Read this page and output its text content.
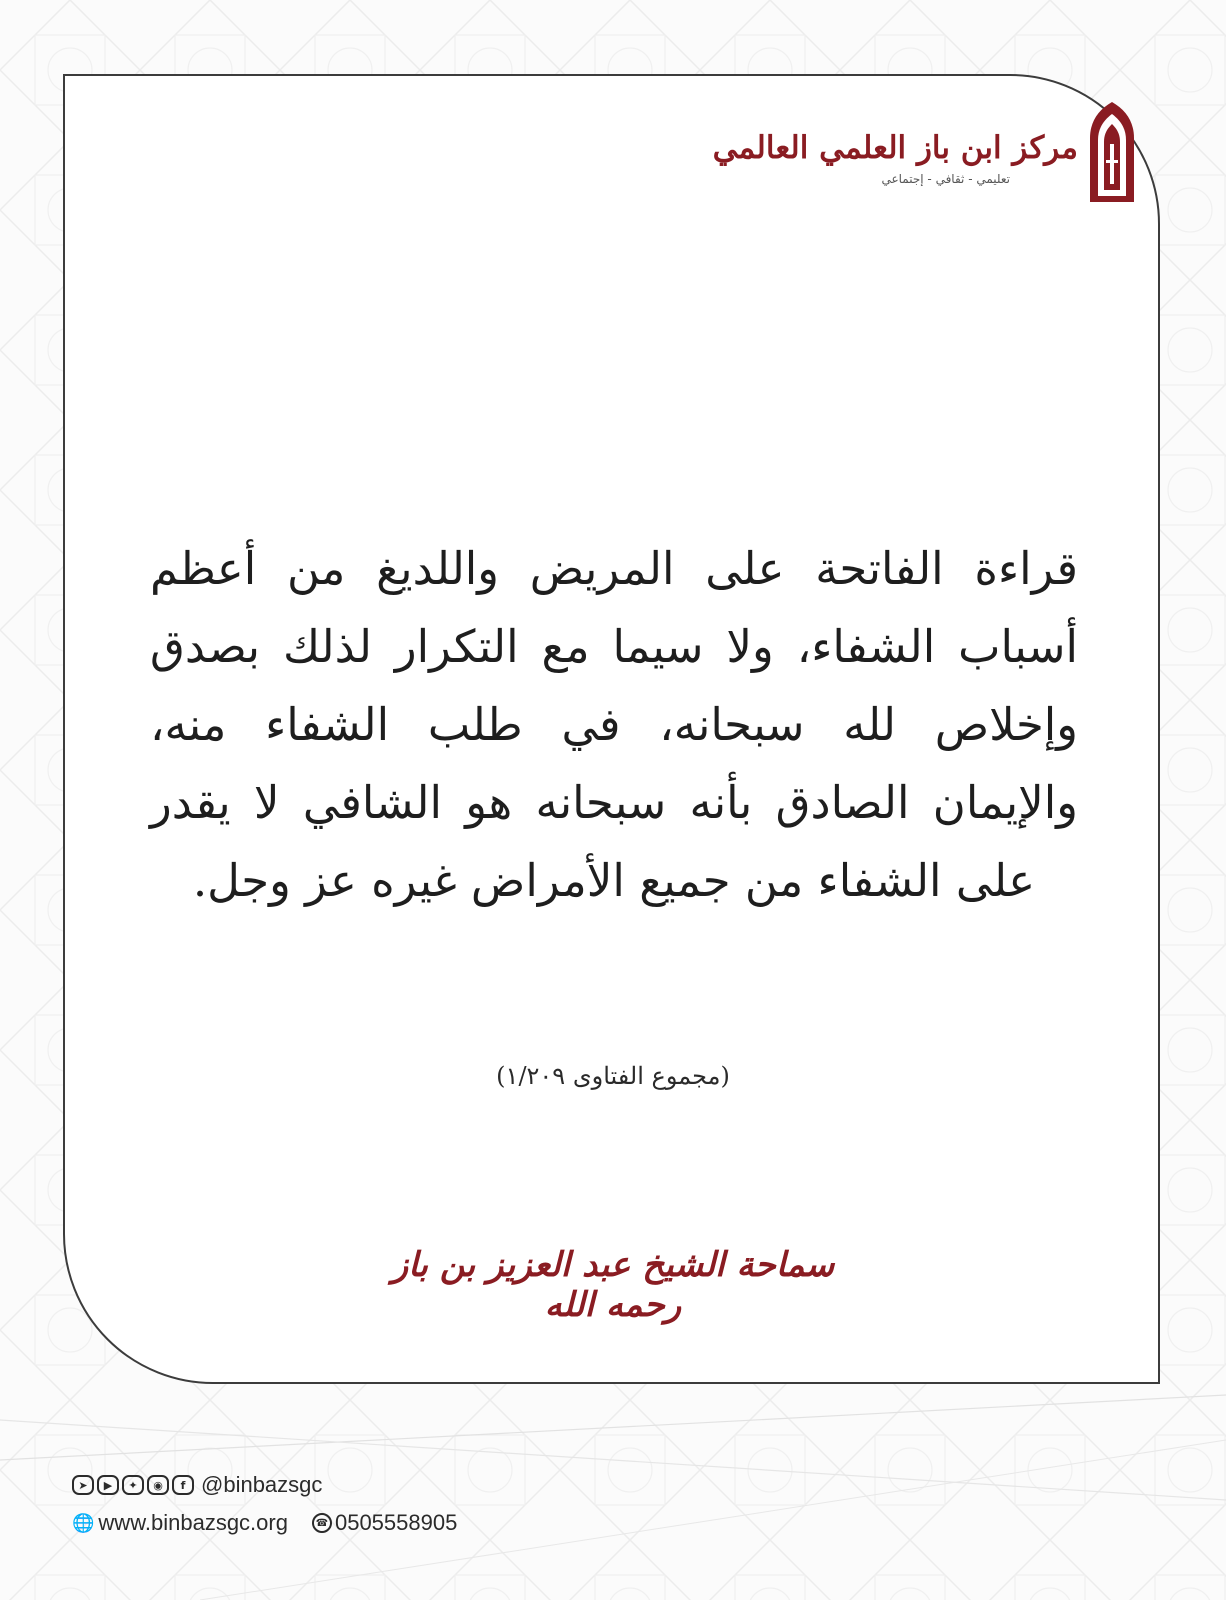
مركز ابن باز العلمي العالمي
تعليمي - ثقافي - إجتماعي
قراءة الفاتحة على المريض واللديغ من أعظم أسباب الشفاء، ولا سيما مع التكرار لذلك بصدق وإخلاص لله سبحانه، في طلب الشفاء منه، والإيمان الصادق بأنه سبحانه هو الشافي لا يقدر على الشفاء من جميع الأمراض غيره عز وجل.
(مجموع الفتاوى ١/٢٠٩)
سماحة الشيخ عبد العزيز بن باز رحمه الله
➤	▶	✦	◉	f @binbazsgc
🌐 www.binbazsgc.org	☎ 0505558905
